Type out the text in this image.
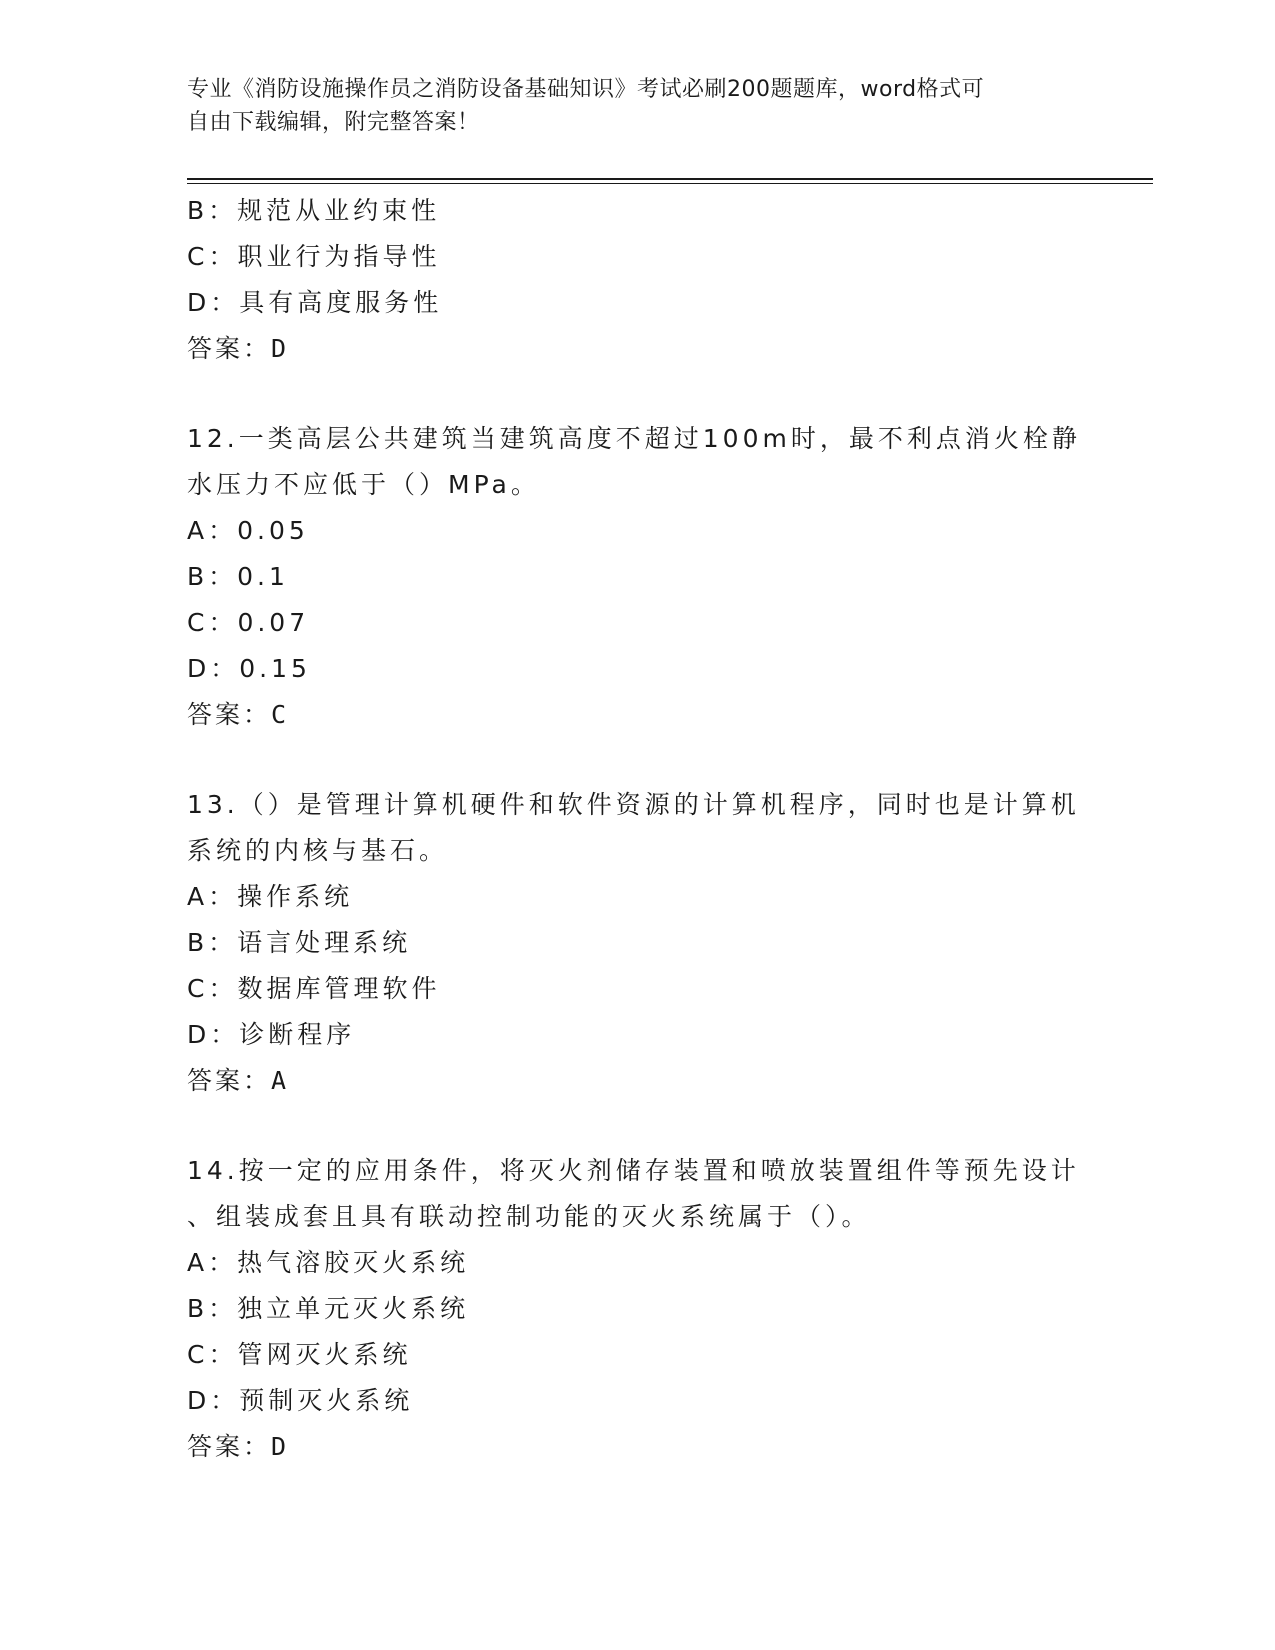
专业《消防设施操作员之消防设备基础知识》考试必刷200题题库，word格式可
自由下载编辑，附完整答案！
B：规范从业约束性
C：职业行为指导性
D：具有高度服务性
答案：D
12.一类高层公共建筑当建筑高度不超过100m时，最不利点消火栓静
水压力不应低于（）MPa。
A：0.05
B：0.1
C：0.07
D：0.15
答案：C
13.（）是管理计算机硬件和软件资源的计算机程序，同时也是计算机
系统的内核与基石。
A：操作系统
B：语言处理系统
C：数据库管理软件
D：诊断程序
答案：A
14.按一定的应用条件，将灭火剂储存装置和喷放装置组件等预先设计
、组装成套且具有联动控制功能的灭火系统属于（）。
A：热气溶胶灭火系统
B：独立单元灭火系统
C：管网灭火系统
D：预制灭火系统
答案：D
